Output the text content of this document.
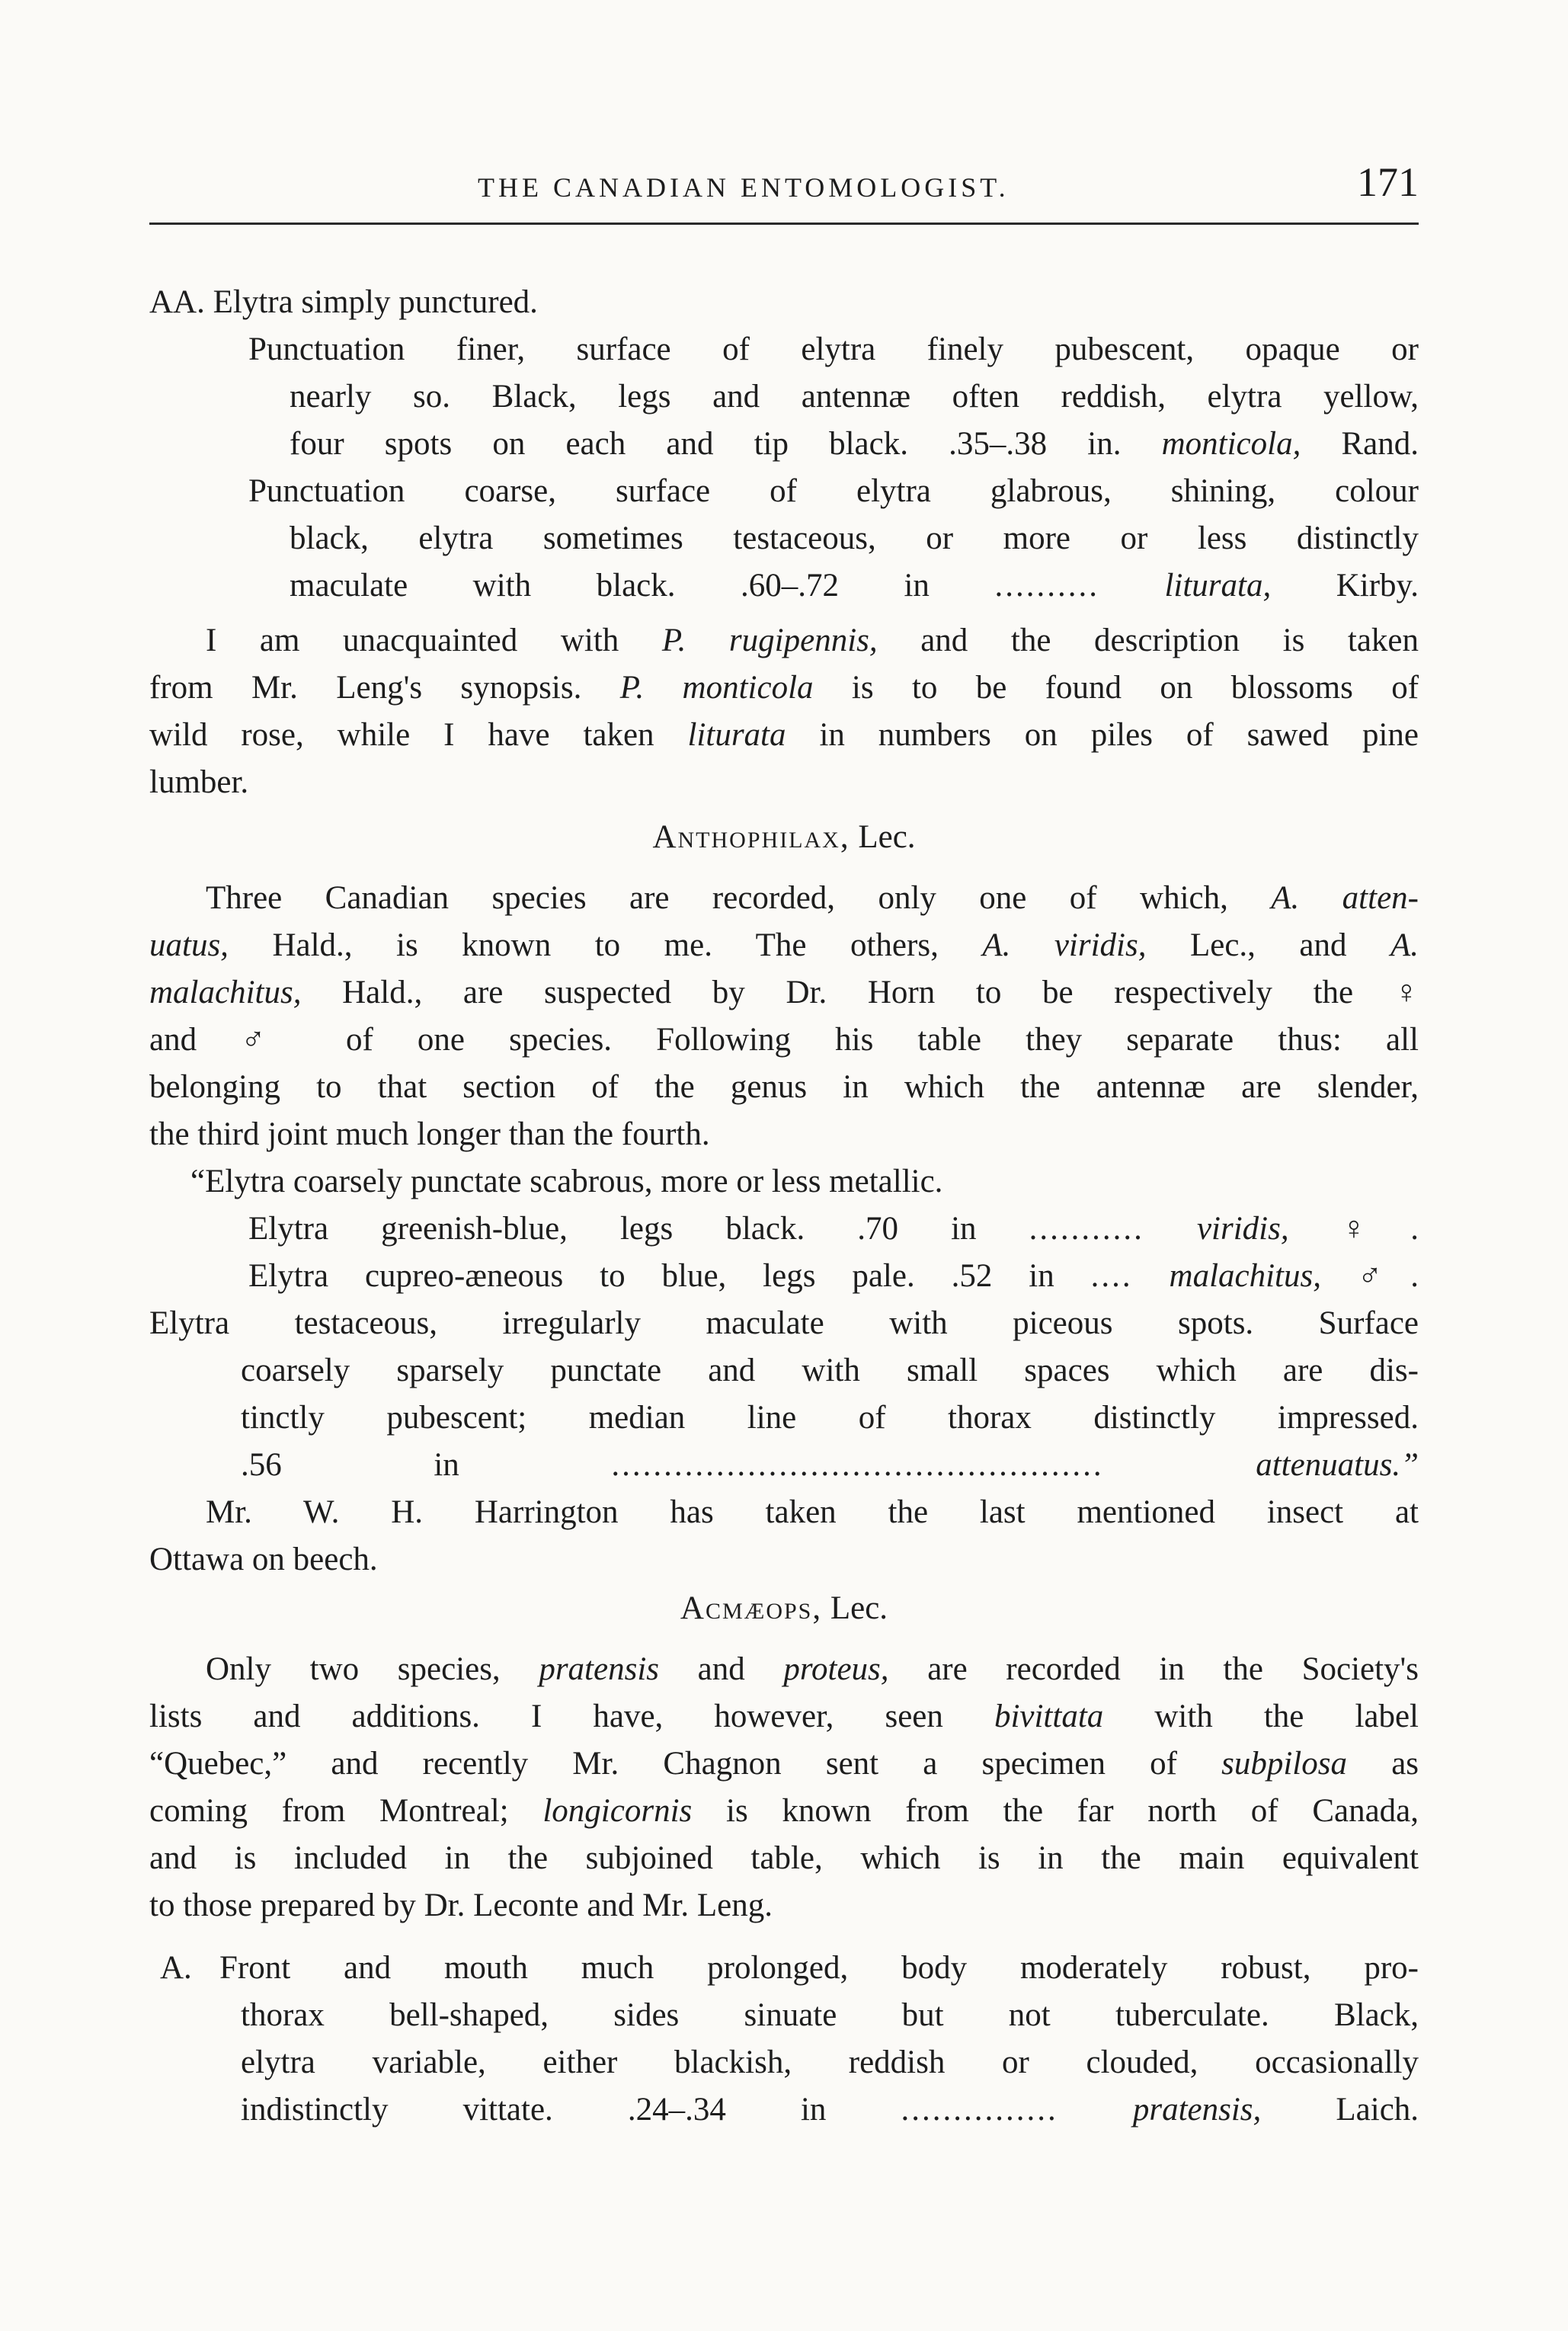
THE CANADIAN ENTOMOLOGIST.	171
AA. Elytra simply punctured.
Punctuation finer, surface of elytra finely pubescent, opaque or
nearly so. Black, legs and antennæ often reddish, elytra yellow,
four spots on each and tip black. .35–.38 in. monticola, Rand.
Punctuation coarse, surface of elytra glabrous, shining, colour
black, elytra sometimes testaceous, or more or less distinctly
maculate with black. .60–.72 in .......... liturata, Kirby.
I am unacquainted with P. rugipennis, and the description is taken
from Mr. Leng's synopsis. P. monticola is to be found on blossoms of
wild rose, while I have taken liturata in numbers on piles of sawed pine
lumber.
Anthophilax, Lec.
Three Canadian species are recorded, only one of which, A. atten-
uatus, Hald., is known to me. The others, A. viridis, Lec., and A.
malachitus, Hald., are suspected by Dr. Horn to be respectively the ♀
and ♂ of one species. Following his table they separate thus: all
belonging to that section of the genus in which the antennæ are slender,
the third joint much longer than the fourth.
“Elytra coarsely punctate scabrous, more or less metallic.
Elytra greenish-blue, legs black. .70 in ........... viridis, ♀.
Elytra cupreo-æneous to blue, legs pale. .52 in .... malachitus, ♂.
Elytra testaceous, irregularly maculate with piceous spots. Surface
coarsely sparsely punctate and with small spaces which are dis-
tinctly pubescent; median line of thorax distinctly impressed.
.56 in	...............................................	attenuatus.”
Mr. W. H. Harrington has taken the last mentioned insect at
Ottawa on beech.
Acmæops, Lec.
Only two species, pratensis and proteus, are recorded in the Society's
lists and additions. I have, however, seen bivittata with the label
“Quebec,” and recently Mr. Chagnon sent a specimen of subpilosa as
coming from Montreal; longicornis is known from the far north of Canada,
and is included in the subjoined table, which is in the main equivalent
to those prepared by Dr. Leconte and Mr. Leng.
A. Front and mouth much prolonged, body moderately robust, pro-
thorax bell-shaped, sides sinuate but not tuberculate. Black,
elytra variable, either blackish, reddish or clouded, occasionally
indistinctly vittate. .24–.34 in ............... pratensis, Laich.
